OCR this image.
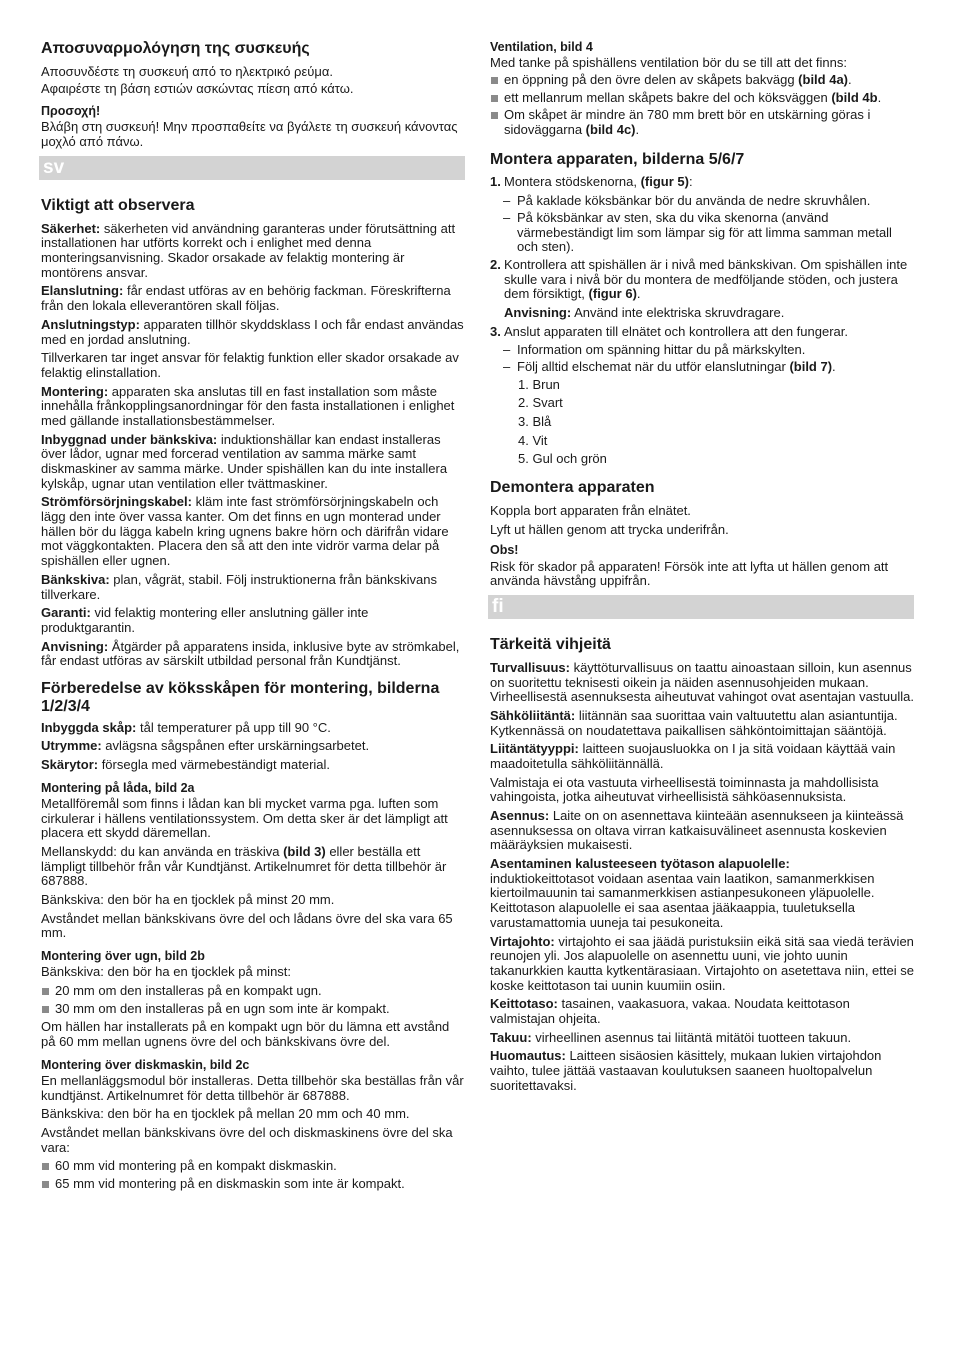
Αποσυναρμολόγηση της συσκευής

Αποσυνδέστε τη συσκευή από το ηλεκτρικό ρεύμα.

Αφαιρέστε τη βάση εστιών ασκώντας πίεση από κάτω.

Προσοχή!

Βλάβη στη συσκευή! Μην προσπαθείτε να βγάλετε τη συσκευή κάνοντας μοχλό από πάνω.

sv
Viktigt att observera

Säkerhet: säkerheten vid användning garanteras under förutsättning att installationen har utförts korrekt och i enlighet med denna monteringsanvisning. Skador orsakade av felaktig montering är montörens ansvar.

Elanslutning: får endast utföras av en behörig fackman. Föreskrifterna från den lokala elleverantören skall följas.

Anslutningstyp: apparaten tillhör skyddsklass I och får endast användas med en jordad anslutning.

Tillverkaren tar inget ansvar för felaktig funktion eller skador orsakade av felaktig elinstallation.

Montering: apparaten ska anslutas till en fast installation som måste innehålla frånkopplingsanordningar för den fasta installationen i enlighet med gällande installationsbestämmelser.

Inbyggnad under bänkskiva: induktionshällar kan endast installeras över lådor, ugnar med forcerad ventilation av samma märke samt diskmaskiner av samma märke. Under spishällen kan du inte installera kylskåp, ugnar utan ventilation eller tvättmaskiner.

Strömförsörjningskabel: kläm inte fast strömförsörjningskabeln och lägg den inte över vassa kanter. Om det finns en ugn monterad under hällen bör du lägga kabeln kring ugnens bakre hörn och därifrån vidare mot väggkontakten. Placera den så att den inte vidrör varma delar på spishällen eller ugnen.

Bänkskiva: plan, vågrät, stabil. Följ instruktionerna från bänkskivans tillverkare.

Garanti: vid felaktig montering eller anslutning gäller inte produktgarantin.

Anvisning: Åtgärder på apparatens insida, inklusive byte av strömkabel, får endast utföras av särskilt utbildad personal från Kundtjänst.

Förberedelse av köksskåpen för montering, bilderna 1/2/3/4

Inbyggda skåp: tål temperaturer på upp till 90 °C.

Utrymme: avlägsna sågspånen efter urskärningsarbetet.

Skärytor: försegla med värmebeständigt material.

Montering på låda, bild 2a

Metallföremål som finns i lådan kan bli mycket varma pga. luften som cirkulerar i hällens ventilationssystem. Om detta sker är det lämpligt att placera ett skydd däremellan.

Mellanskydd: du kan använda en träskiva (bild 3) eller beställa ett lämpligt tillbehör från vår Kundtjänst. Artikelnumret för detta tillbehör är 687888.

Bänkskiva: den bör ha en tjocklek på minst 20 mm.

Avståndet mellan bänkskivans övre del och lådans övre del ska vara 65 mm.

Montering över ugn, bild 2b

Bänkskiva: den bör ha en tjocklek på minst:

20 mm om den installeras på en kompakt ugn.
30 mm om den installeras på en ugn som inte är kompakt.

Om hällen har installerats på en kompakt ugn bör du lämna ett avstånd på 60 mm mellan ugnens övre del och bänkskivans övre del.

Montering över diskmaskin, bild 2c

En mellanläggsmodul bör installeras. Detta tillbehör ska beställas från vår kundtjänst. Artikelnumret för detta tillbehör är 687888.

Bänkskiva: den bör ha en tjocklek på mellan 20 mm och 40 mm.

Avståndet mellan bänkskivans övre del och diskmaskinens övre del ska vara:

60 mm vid montering på en kompakt diskmaskin.
65 mm vid montering på en diskmaskin som inte är kompakt.
Ventilation, bild 4

Med tanke på spishällens ventilation bör du se till att det finns:

en öppning på den övre delen av skåpets bakvägg (bild 4a).
ett mellanrum mellan skåpets bakre del och köksväggen (bild 4b.
Om skåpet är mindre än 780 mm brett bör en utskärning göras i sidoväggarna (bild 4c).
Montera apparaten, bilderna 5/6/7
1. Montera stödskenorna, (figur 5):
– På kaklade köksbänkar bör du använda de nedre skruvhålen.
– På köksbänkar av sten, ska du vika skenorna (använd värmebeständigt lim som lämpar sig för att limma samman metall och sten).
2. Kontrollera att spishällen är i nivå med bänkskivan. Om spishällen inte skulle vara i nivå bör du montera de medföljande stöden, och justera dem försiktigt, (figur 6).

Anvisning: Använd inte elektriska skruvdragare.

3. Anslut apparaten till elnätet och kontrollera att den fungerar.
– Information om spänning hittar du på märkskylten.
– Följ alltid elschemat när du utför elanslutningar (bild 7).
1. Brun
2. Svart
3. Blå
4. Vit
5. Gul och grön
Demontera apparaten

Koppla bort apparaten från elnätet.

Lyft ut hällen genom att trycka underifrån.

Obs!

Risk för skador på apparaten! Försök inte att lyfta ut hällen genom att använda hävstång uppifrån.

fi
Tärkeitä vihjeitä

Turvallisuus: käyttöturvallisuus on taattu ainoastaan silloin, kun asennus on suoritettu teknisesti oikein ja näiden asennusohjeiden mukaan. Virheellisestä asennuksesta aiheutuvat vahingot ovat asentajan vastuulla.

Sähköliitäntä: liitännän saa suorittaa vain valtuutettu alan asiantuntija. Kytkennässä on noudatettava paikallisen sähköntoimittajan sääntöjä.

Liitäntätyyppi: laitteen suojausluokka on I ja sitä voidaan käyttää vain maadoitetulla sähköliitännällä.

Valmistaja ei ota vastuuta virheellisestä toiminnasta ja mahdollisista vahingoista, jotka aiheutuvat virheellisistä sähköasennuksista.

Asennus: Laite on on asennettava kiinteään asennukseen ja kiinteässä asennuksessa on oltava virran katkaisuvälineet asennusta koskevien määräyksien mukaisesti.

Asentaminen kalusteeseen työtason alapuolelle:
induktiokeittotasot voidaan asentaa vain laatikon, samanmerkkisen kiertoilmauunin tai samanmerkkisen astianpesukoneen yläpuolelle. Keittotason alapuolelle ei saa asentaa jääkaappia, tuuletuksella varustamattomia uuneja tai pesukoneita.

Virtajohto: virtajohto ei saa jäädä puristuksiin eikä sitä saa viedä terävien reunojen yli. Jos alapuolelle on asennettu uuni, vie johto uunin takanurkkien kautta kytkentärasiaan. Virtajohto on asetettava niin, ettei se koske keittotason tai uunin kuumiin osiin.

Keittotaso: tasainen, vaakasuora, vakaa. Noudata keittotason valmistajan ohjeita.

Takuu: virheellinen asennus tai liitäntä mitätöi tuotteen takuun.

Huomautus: Laitteen sisäosien käsittely, mukaan lukien virtajohdon vaihto, tulee jättää vastaavan koulutuksen saaneen huoltopalvelun suoritettavaksi.
